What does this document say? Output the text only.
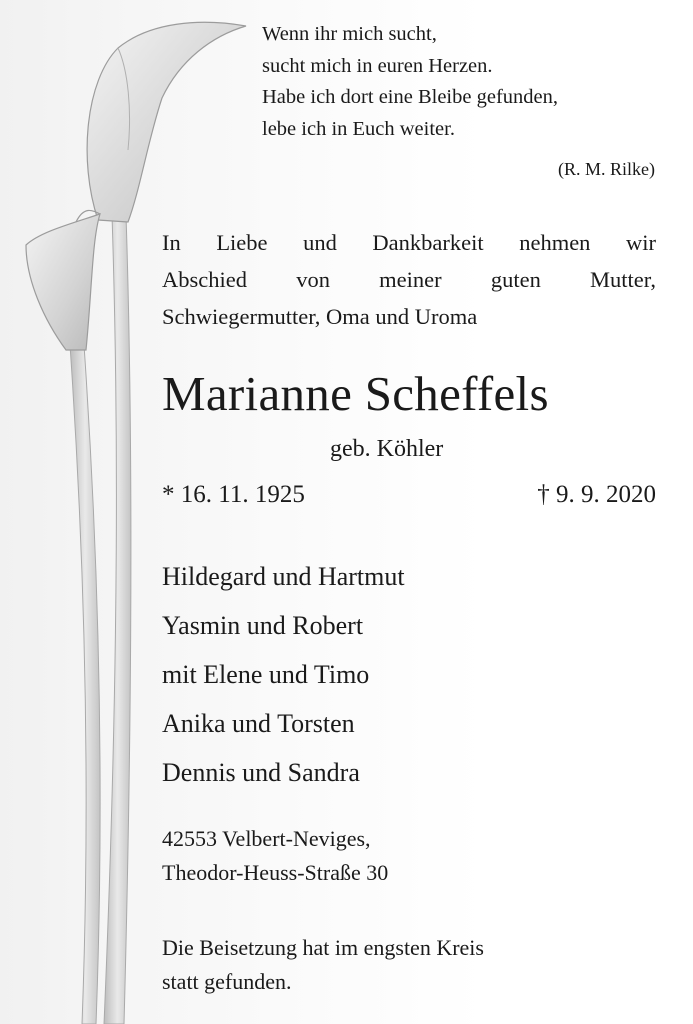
Wenn ihr mich sucht,
sucht mich in euren Herzen.
Habe ich dort eine Bleibe gefunden,
lebe ich in Euch weiter.
(R. M. Rilke)
In Liebe und Dankbarkeit nehmen wir
Abschied von meiner guten Mutter,
Schwiegermutter, Oma und Uroma
Marianne Scheffels
geb. Köhler
* 16. 11. 1925	† 9. 9. 2020
Hildegard und Hartmut
Yasmin und Robert
mit Elene und Timo
Anika und Torsten
Dennis und Sandra
42553 Velbert-Neviges,
Theodor-Heuss-Straße 30
Die Beisetzung hat im engsten Kreis
statt gefunden.
